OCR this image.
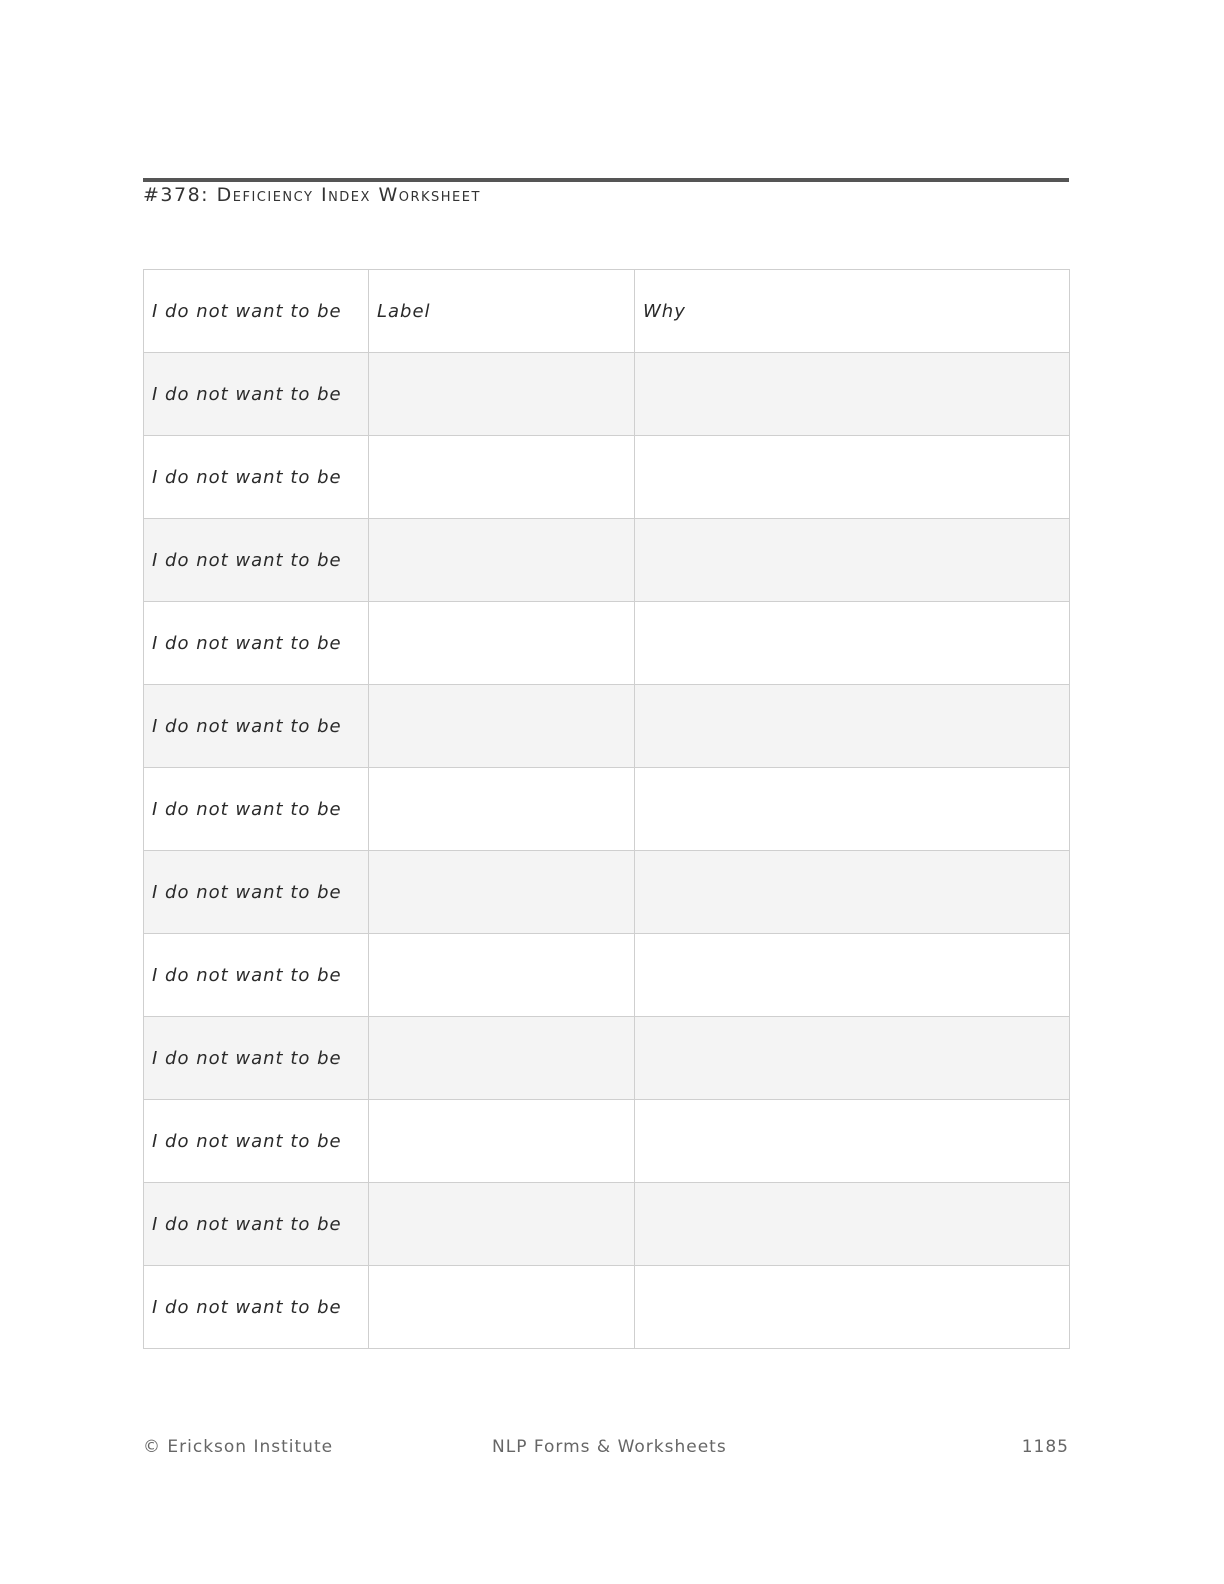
#378: Deficiency Index Worksheet
I do not want to be	Label	Why
I do not want to be		
I do not want to be		
I do not want to be		
I do not want to be		
I do not want to be		
I do not want to be		
I do not want to be		
I do not want to be		
I do not want to be		
I do not want to be		
I do not want to be		
I do not want to be		
© Erickson Institute	NLP Forms & Worksheets	1185
